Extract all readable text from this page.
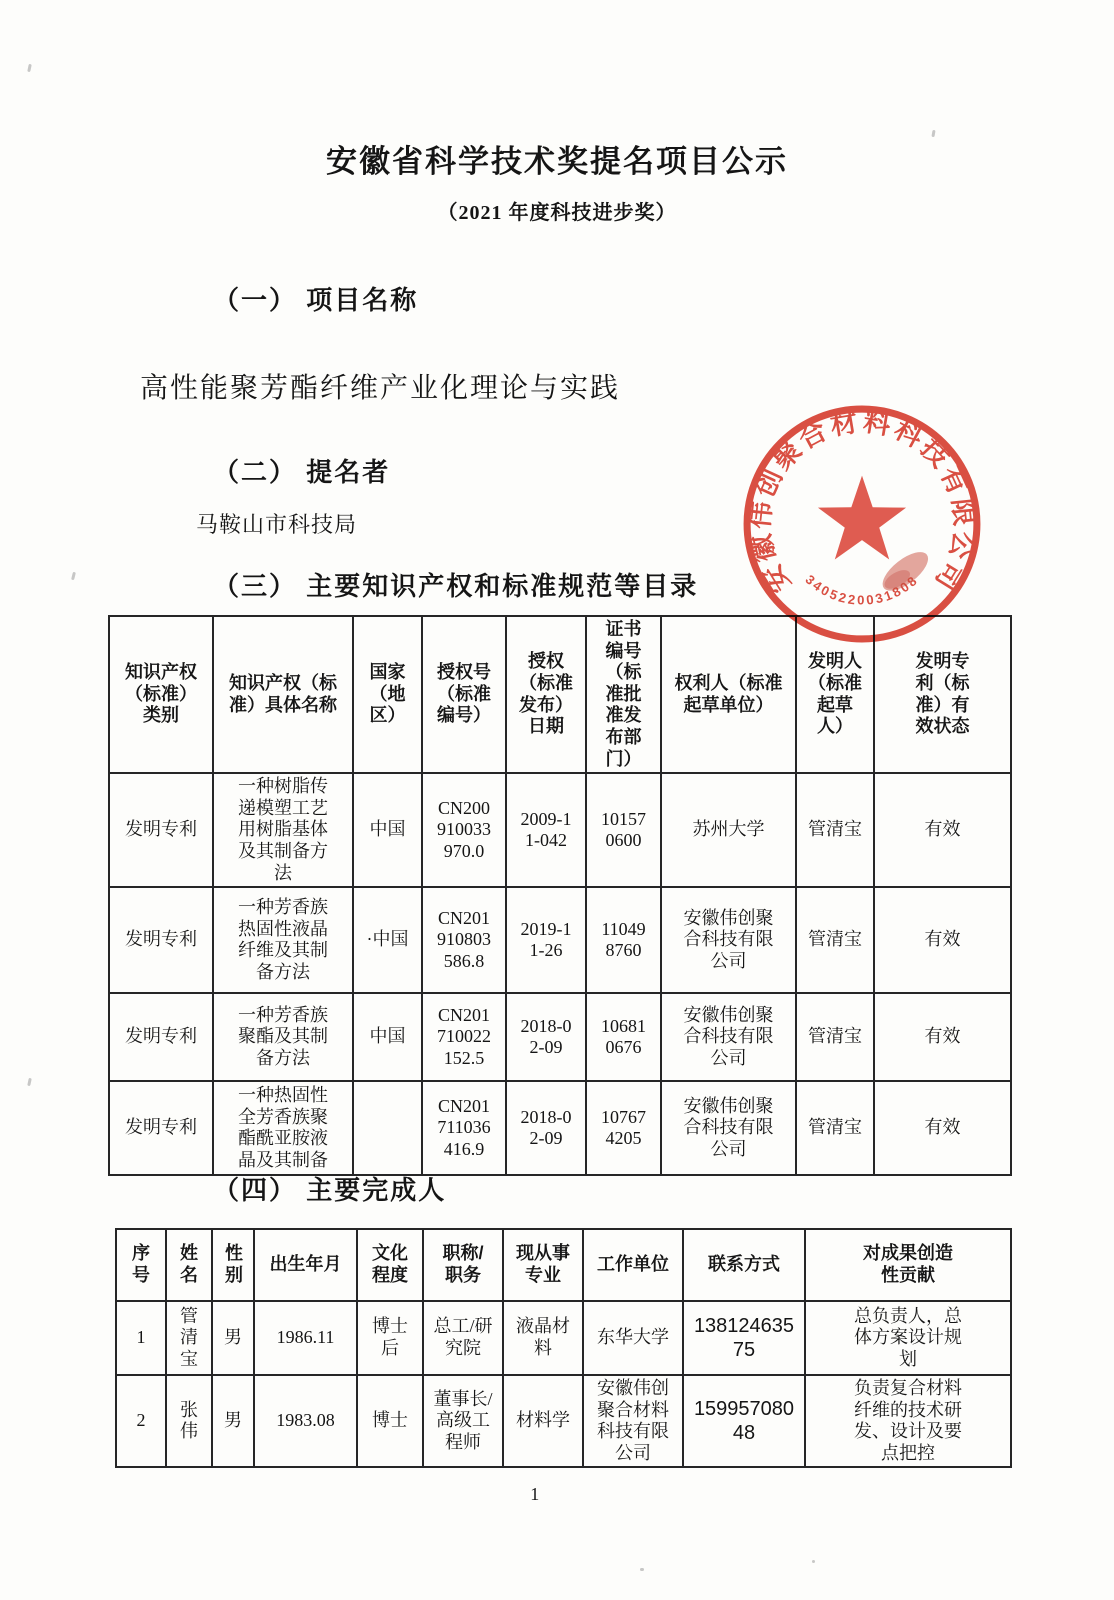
安徽省科学技术奖提名项目公示
（2021 年度科技进步奖）
（一） 项目名称
高性能聚芳酯纤维产业化理论与实践
（二） 提名者
马鞍山市科技局
（三） 主要知识产权和标准规范等目录
知识产权（标准）类别	知识产权（标准）具体名称	国家（地区）	授权号（标准编号）	授权（标准发布）日期	证书编号（标准批准发布部门）	权利人（标准起草单位）	发明人（标准起草人）	发明专利（标准）有效状态
发明专利	一种树脂传递模塑工艺用树脂基体及其制备方法	中国	CN200910033970.0	2009-11-042	101570600	苏州大学	管清宝	有效
发明专利	一种芳香族热固性液晶纤维及其制备方法	·中国	CN201910803586.8	2019-11-26	110498760	安徽伟创聚合科技有限公司	管清宝	有效
发明专利	一种芳香族聚酯及其制备方法	中国	CN201710022152.5	2018-02-09	106810676	安徽伟创聚合科技有限公司	管清宝	有效
发明专利	一种热固性全芳香族聚酯酰亚胺液晶及其制备		CN201711036416.9	2018-02-09	107674205	安徽伟创聚合科技有限公司	管清宝	有效
（四） 主要完成人
序号	姓名	性别	出生年月	文化程度	职称/职务	现从事专业	工作单位	联系方式	对成果创造性贡献
1	管清宝	男	1986.11	博士后	总工/研究院	液晶材料	东华大学	13812463575	总负责人，总体方案设计规划
2	张伟	男	1983.08	博士	董事长/高级工程师	材料学	安徽伟创聚合材料科技有限公司	15995708048	负责复合材料纤维的技术研发、设计及要点把控
1
安徽伟创聚合材料科技有限公司
3405220031808
